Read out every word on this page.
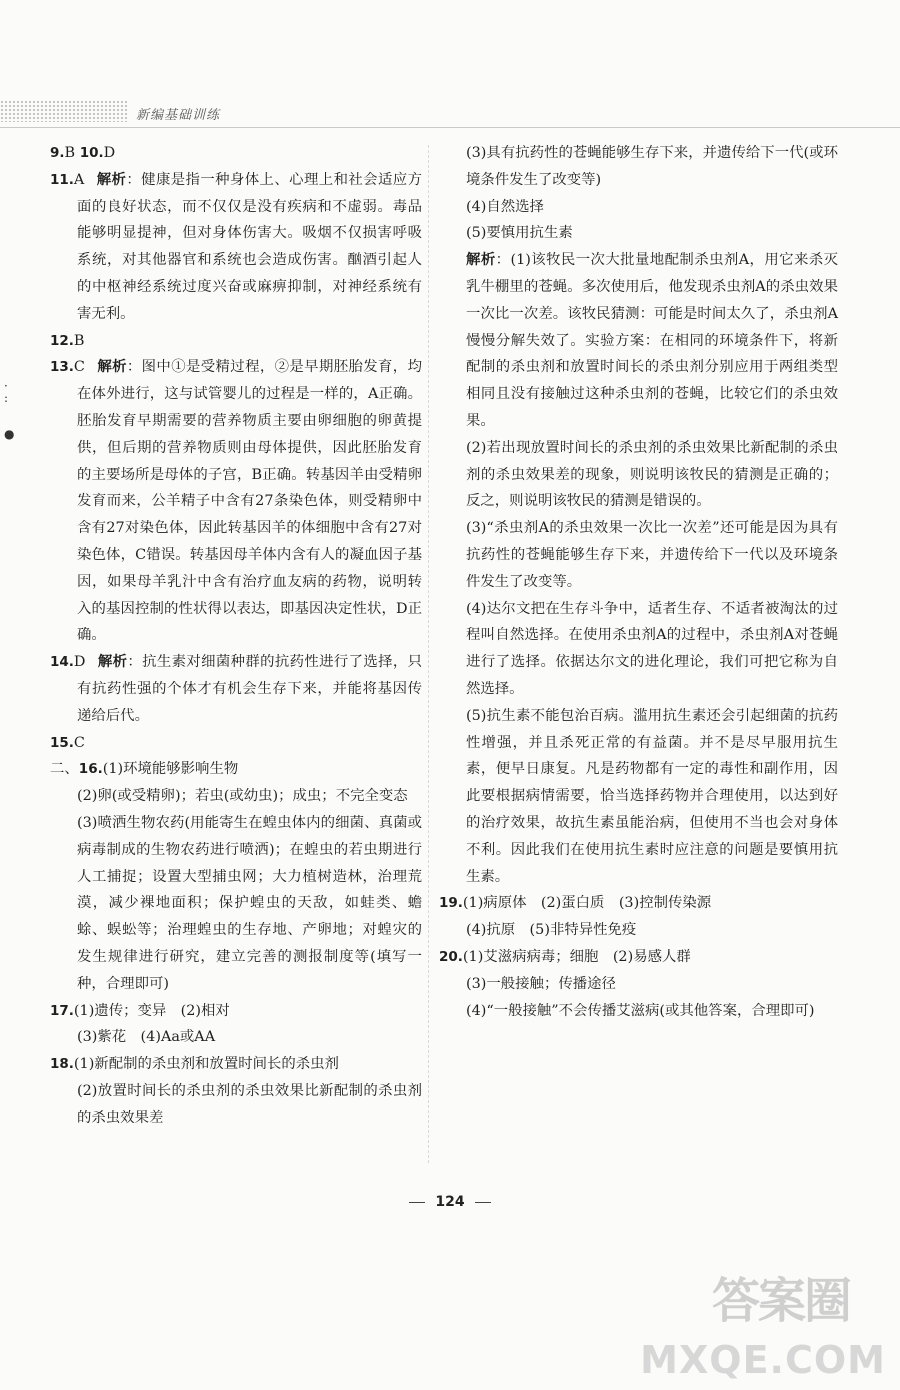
新编基础训练
·
:

●

9.B 10.D

11.A 解析：健康是指一种身体上、心理上和社会适应方面的良好状态，而不仅仅是没有疾病和不虚弱。毒品能够明显提神，但对身体伤害大。吸烟不仅损害呼吸系统，对其他器官和系统也会造成伤害。酗酒引起人的中枢神经系统过度兴奋或麻痹抑制，对神经系统有害无利。

12.B

13.C 解析：图中①是受精过程，②是早期胚胎发育，均在体外进行，这与试管婴儿的过程是一样的，A正确。胚胎发育早期需要的营养物质主要由卵细胞的卵黄提供，但后期的营养物质则由母体提供，因此胚胎发育的主要场所是母体的子宫，B正确。转基因羊由受精卵发育而来，公羊精子中含有27条染色体，则受精卵中含有27对染色体，因此转基因羊的体细胞中含有27对染色体，C错误。转基因母羊体内含有人的凝血因子基因，如果母羊乳汁中含有治疗血友病的药物，说明转入的基因控制的性状得以表达，即基因决定性状，D正确。

14.D 解析：抗生素对细菌种群的抗药性进行了选择，只有抗药性强的个体才有机会生存下来，并能将基因传递给后代。

15.C

二、16.(1)环境能够影响生物

(2)卵(或受精卵)；若虫(或幼虫)；成虫；不完全变态

(3)喷洒生物农药(用能寄生在蝗虫体内的细菌、真菌或病毒制成的生物农药进行喷洒)；在蝗虫的若虫期进行人工捕捉；设置大型捕虫网；大力植树造林，治理荒漠，减少裸地面积；保护蝗虫的天敌，如蛙类、蟾蜍、蜈蚣等；治理蝗虫的生存地、产卵地；对蝗灾的发生规律进行研究，建立完善的测报制度等(填写一种，合理即可)

17.(1)遗传；变异　(2)相对

(3)紫花　(4)Aa或AA

18.(1)新配制的杀虫剂和放置时间长的杀虫剂

(2)放置时间长的杀虫剂的杀虫效果比新配制的杀虫剂的杀虫效果差

(3)具有抗药性的苍蝇能够生存下来，并遗传给下一代(或环境条件发生了改变等)

(4)自然选择

(5)要慎用抗生素

解析：(1)该牧民一次大批量地配制杀虫剂A，用它来杀灭乳牛棚里的苍蝇。多次使用后，他发现杀虫剂A的杀虫效果一次比一次差。该牧民猜测：可能是时间太久了，杀虫剂A慢慢分解失效了。实验方案：在相同的环境条件下，将新配制的杀虫剂和放置时间长的杀虫剂分别应用于两组类型相同且没有接触过这种杀虫剂的苍蝇，比较它们的杀虫效果。

(2)若出现放置时间长的杀虫剂的杀虫效果比新配制的杀虫剂的杀虫效果差的现象，则说明该牧民的猜测是正确的；反之，则说明该牧民的猜测是错误的。

(3)“杀虫剂A的杀虫效果一次比一次差”还可能是因为具有抗药性的苍蝇能够生存下来，并遗传给下一代以及环境条件发生了改变等。

(4)达尔文把在生存斗争中，适者生存、不适者被淘汰的过程叫自然选择。在使用杀虫剂A的过程中，杀虫剂A对苍蝇进行了选择。依据达尔文的进化理论，我们可把它称为自然选择。

(5)抗生素不能包治百病。滥用抗生素还会引起细菌的抗药性增强，并且杀死正常的有益菌。并不是尽早服用抗生素，便早日康复。凡是药物都有一定的毒性和副作用，因此要根据病情需要，恰当选择药物并合理使用，以达到好的治疗效果，故抗生素虽能治病，但使用不当也会对身体不利。因此我们在使用抗生素时应注意的问题是要慎用抗生素。

19.(1)病原体　(2)蛋白质　(3)控制传染源

(4)抗原　(5)非特异性免疫

20.(1)艾滋病病毒；细胞　(2)易感人群

(3)一般接触；传播途径

(4)“一般接触”不会传播艾滋病(或其他答案，合理即可)

124
答案圈
MXQE.COM
